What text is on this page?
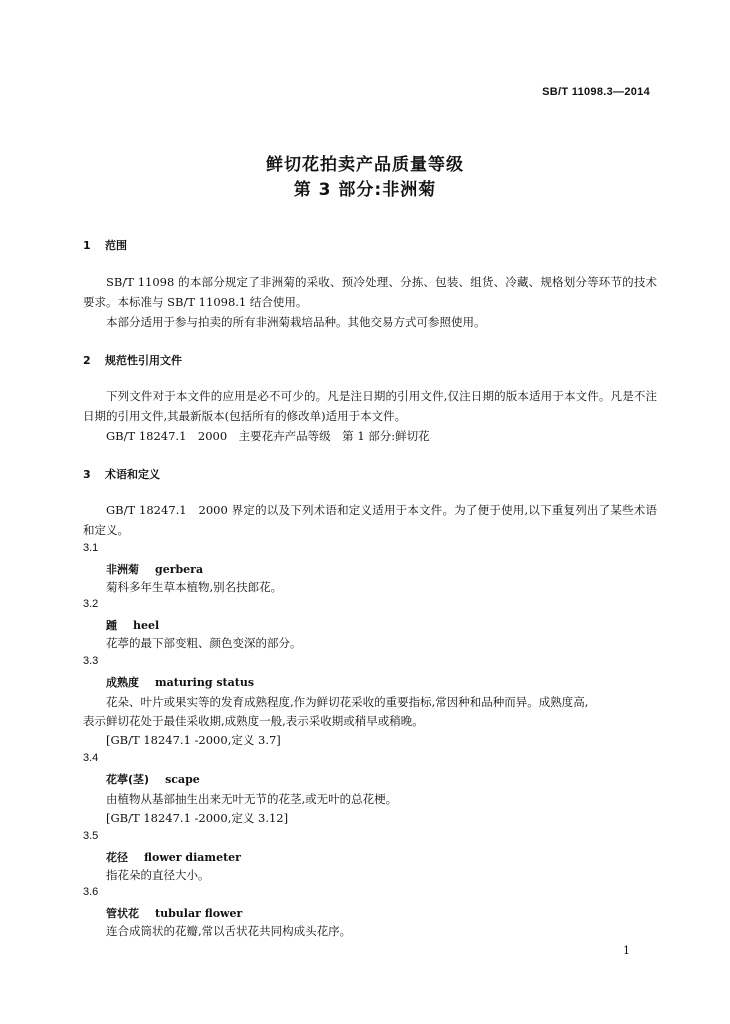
SB/T 11098.3—2014
鲜切花拍卖产品质量等级
第 3 部分:非洲菊
1 范围

SB/T 11098 的本部分规定了非洲菊的采收、预冷处理、分拣、包装、组货、冷藏、规格划分等环节的技术要求。本标准与 SB/T 11098.1 结合使用。

本部分适用于参与拍卖的所有非洲菊栽培品种。其他交易方式可参照使用。

2 规范性引用文件

下列文件对于本文件的应用是必不可少的。凡是注日期的引用文件,仅注日期的版本适用于本文件。凡是不注日期的引用文件,其最新版本(包括所有的修改单)适用于本文件。

GB/T 18247.1　2000　主要花卉产品等级　第 1 部分:鲜切花

3 术语和定义

GB/T 18247.1　2000 界定的以及下列术语和定义适用于本文件。为了便于使用,以下重复列出了某些术语和定义。

3.1
非洲菊 gerbera
菊科多年生草本植物,别名扶郎花。
3.2
踵 heel
花葶的最下部变粗、颜色变深的部分。
3.3
成熟度 maturing status
花朵、叶片或果实等的发育成熟程度,作为鲜切花采收的重要指标,常因种和品种而异。成熟度高,
表示鲜切花处于最佳采收期,成熟度一般,表示采收期或稍早或稍晚。
[GB/T 18247.1 -2000,定义 3.7]
3.4
花葶(茎) scape
由植物从基部抽生出来无叶无节的花茎,或无叶的总花梗。
[GB/T 18247.1 -2000,定义 3.12]
3.5
花径 flower diameter
指花朵的直径大小。
3.6
管状花 tubular flower
连合成筒状的花瓣,常以舌状花共同构成头花序。
1
